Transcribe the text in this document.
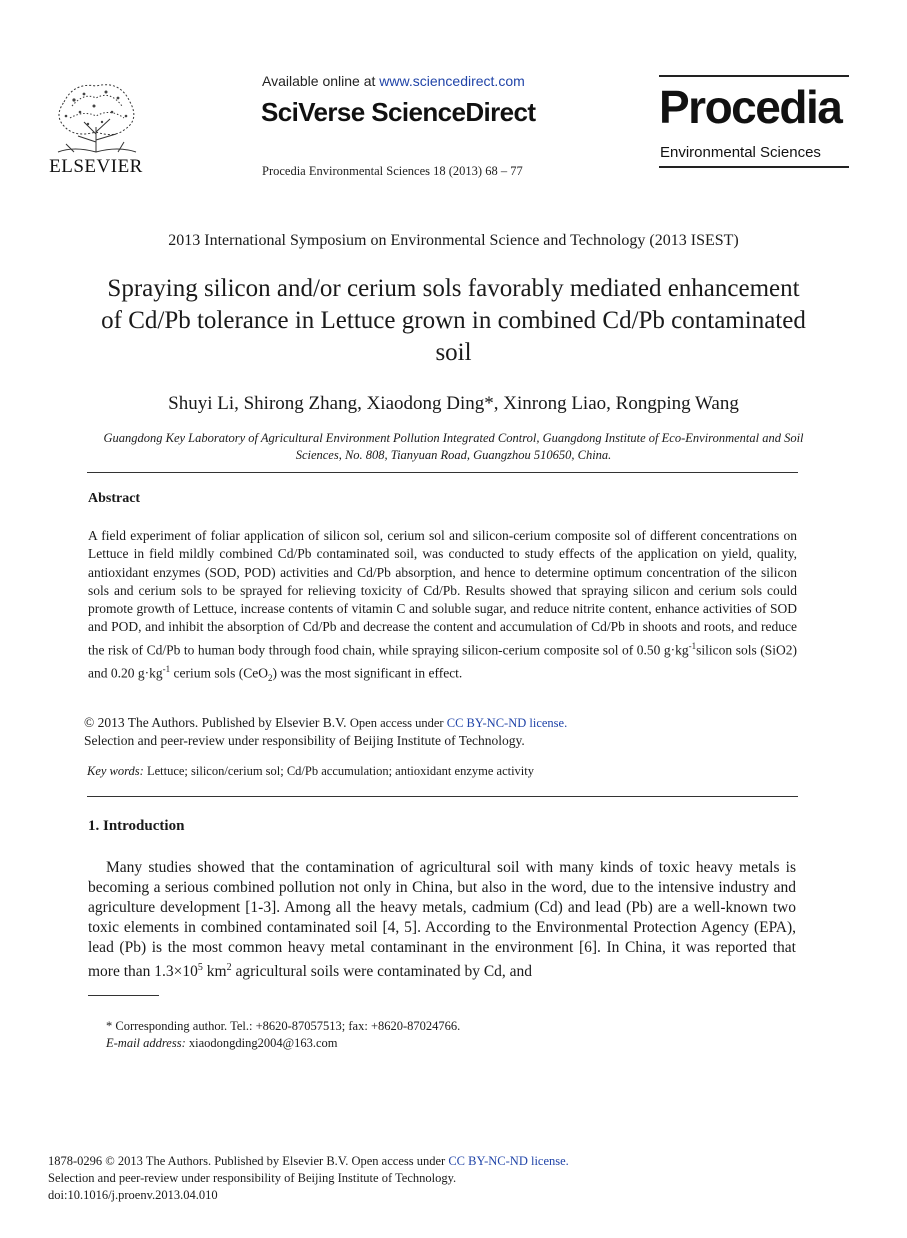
ELSEVIER
Available online at www.sciencedirect.com
SciVerse ScienceDirect
Procedia Environmental Sciences 18 (2013) 68 – 77
Procedia
Environmental Sciences
2013 International Symposium on Environmental Science and Technology (2013 ISEST)
Spraying silicon and/or cerium sols favorably mediated enhancement of Cd/Pb tolerance in Lettuce grown in combined Cd/Pb contaminated soil
Shuyi Li, Shirong Zhang, Xiaodong Ding*, Xinrong Liao, Rongping Wang
Guangdong Key Laboratory of Agricultural Environment Pollution Integrated Control, Guangdong Institute of Eco-Environmental and Soil Sciences, No. 808, Tianyuan Road, Guangzhou 510650, China.
Abstract
A field experiment of foliar application of silicon sol, cerium sol and silicon-cerium composite sol of different concentrations on Lettuce in field mildly combined Cd/Pb contaminated soil, was conducted to study effects of the application on yield, quality, antioxidant enzymes (SOD, POD) activities and Cd/Pb absorption, and hence to determine optimum concentration of the silicon sols and cerium sols to be sprayed for relieving toxicity of Cd/Pb. Results showed that spraying silicon and cerium sols could promote growth of Lettuce, increase contents of vitamin C and soluble sugar, and reduce nitrite content, enhance activities of SOD and POD, and inhibit the absorption of Cd/Pb and decrease the content and accumulation of Cd/Pb in shoots and roots, and reduce the risk of Cd/Pb to human body through food chain, while spraying silicon-cerium composite sol of 0.50 $g\cdot kg^{-1}silicon$ sols (SiO2) and 0.20 $g\cdot kg^{-1}$ cerium sols (CeO$_2$) was the most significant in effect.
© 2013 The Authors. Published by Elsevier B.V. Open access under CC BY-NC-ND license.
Selection and peer-review under responsibility of Beijing Institute of Technology.
Key words: Lettuce; silicon/cerium sol; Cd/Pb accumulation; antioxidant enzyme activity
1. Introduction
Many studies showed that the contamination of agricultural soil with many kinds of toxic heavy metals is becoming a serious combined pollution not only in China, but also in the word, due to the intensive industry and agriculture development [1-3]. Among all the heavy metals, cadmium (Cd) and lead (Pb) are a well-known two toxic elements in combined contaminated soil [4, 5]. According to the Environmental Protection Agency (EPA), lead (Pb) is the most common heavy metal contaminant in the environment [6]. In China, it was reported that more than $1.3\times 10^5$ $km^2$ agricultural soils were contaminated by Cd, and
* Corresponding author. Tel.: +8620-87057513; fax: +8620-87024766.
E-mail address: xiaodongding2004@163.com
1878-0296 © 2013 The Authors. Published by Elsevier B.V. Open access under CC BY-NC-ND license.
Selection and peer-review under responsibility of Beijing Institute of Technology.
doi:10.1016/j.proenv.2013.04.010
